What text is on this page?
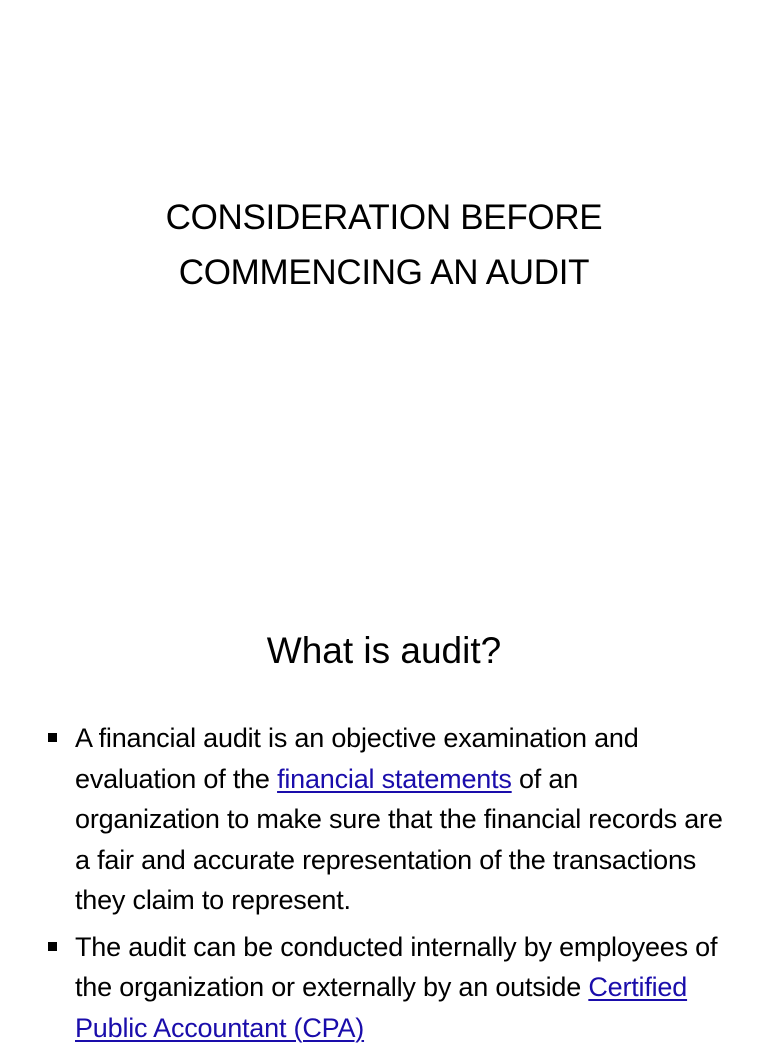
CONSIDERATION BEFORE
COMMENCING AN AUDIT
What is audit?
A financial audit is an objective examination and evaluation of the financial statements of an organization to make sure that the financial records are a fair and accurate representation of the transactions they claim to represent.
The audit can be conducted internally by employees of the organization or externally by an outside Certified Public Accountant (CPA)
